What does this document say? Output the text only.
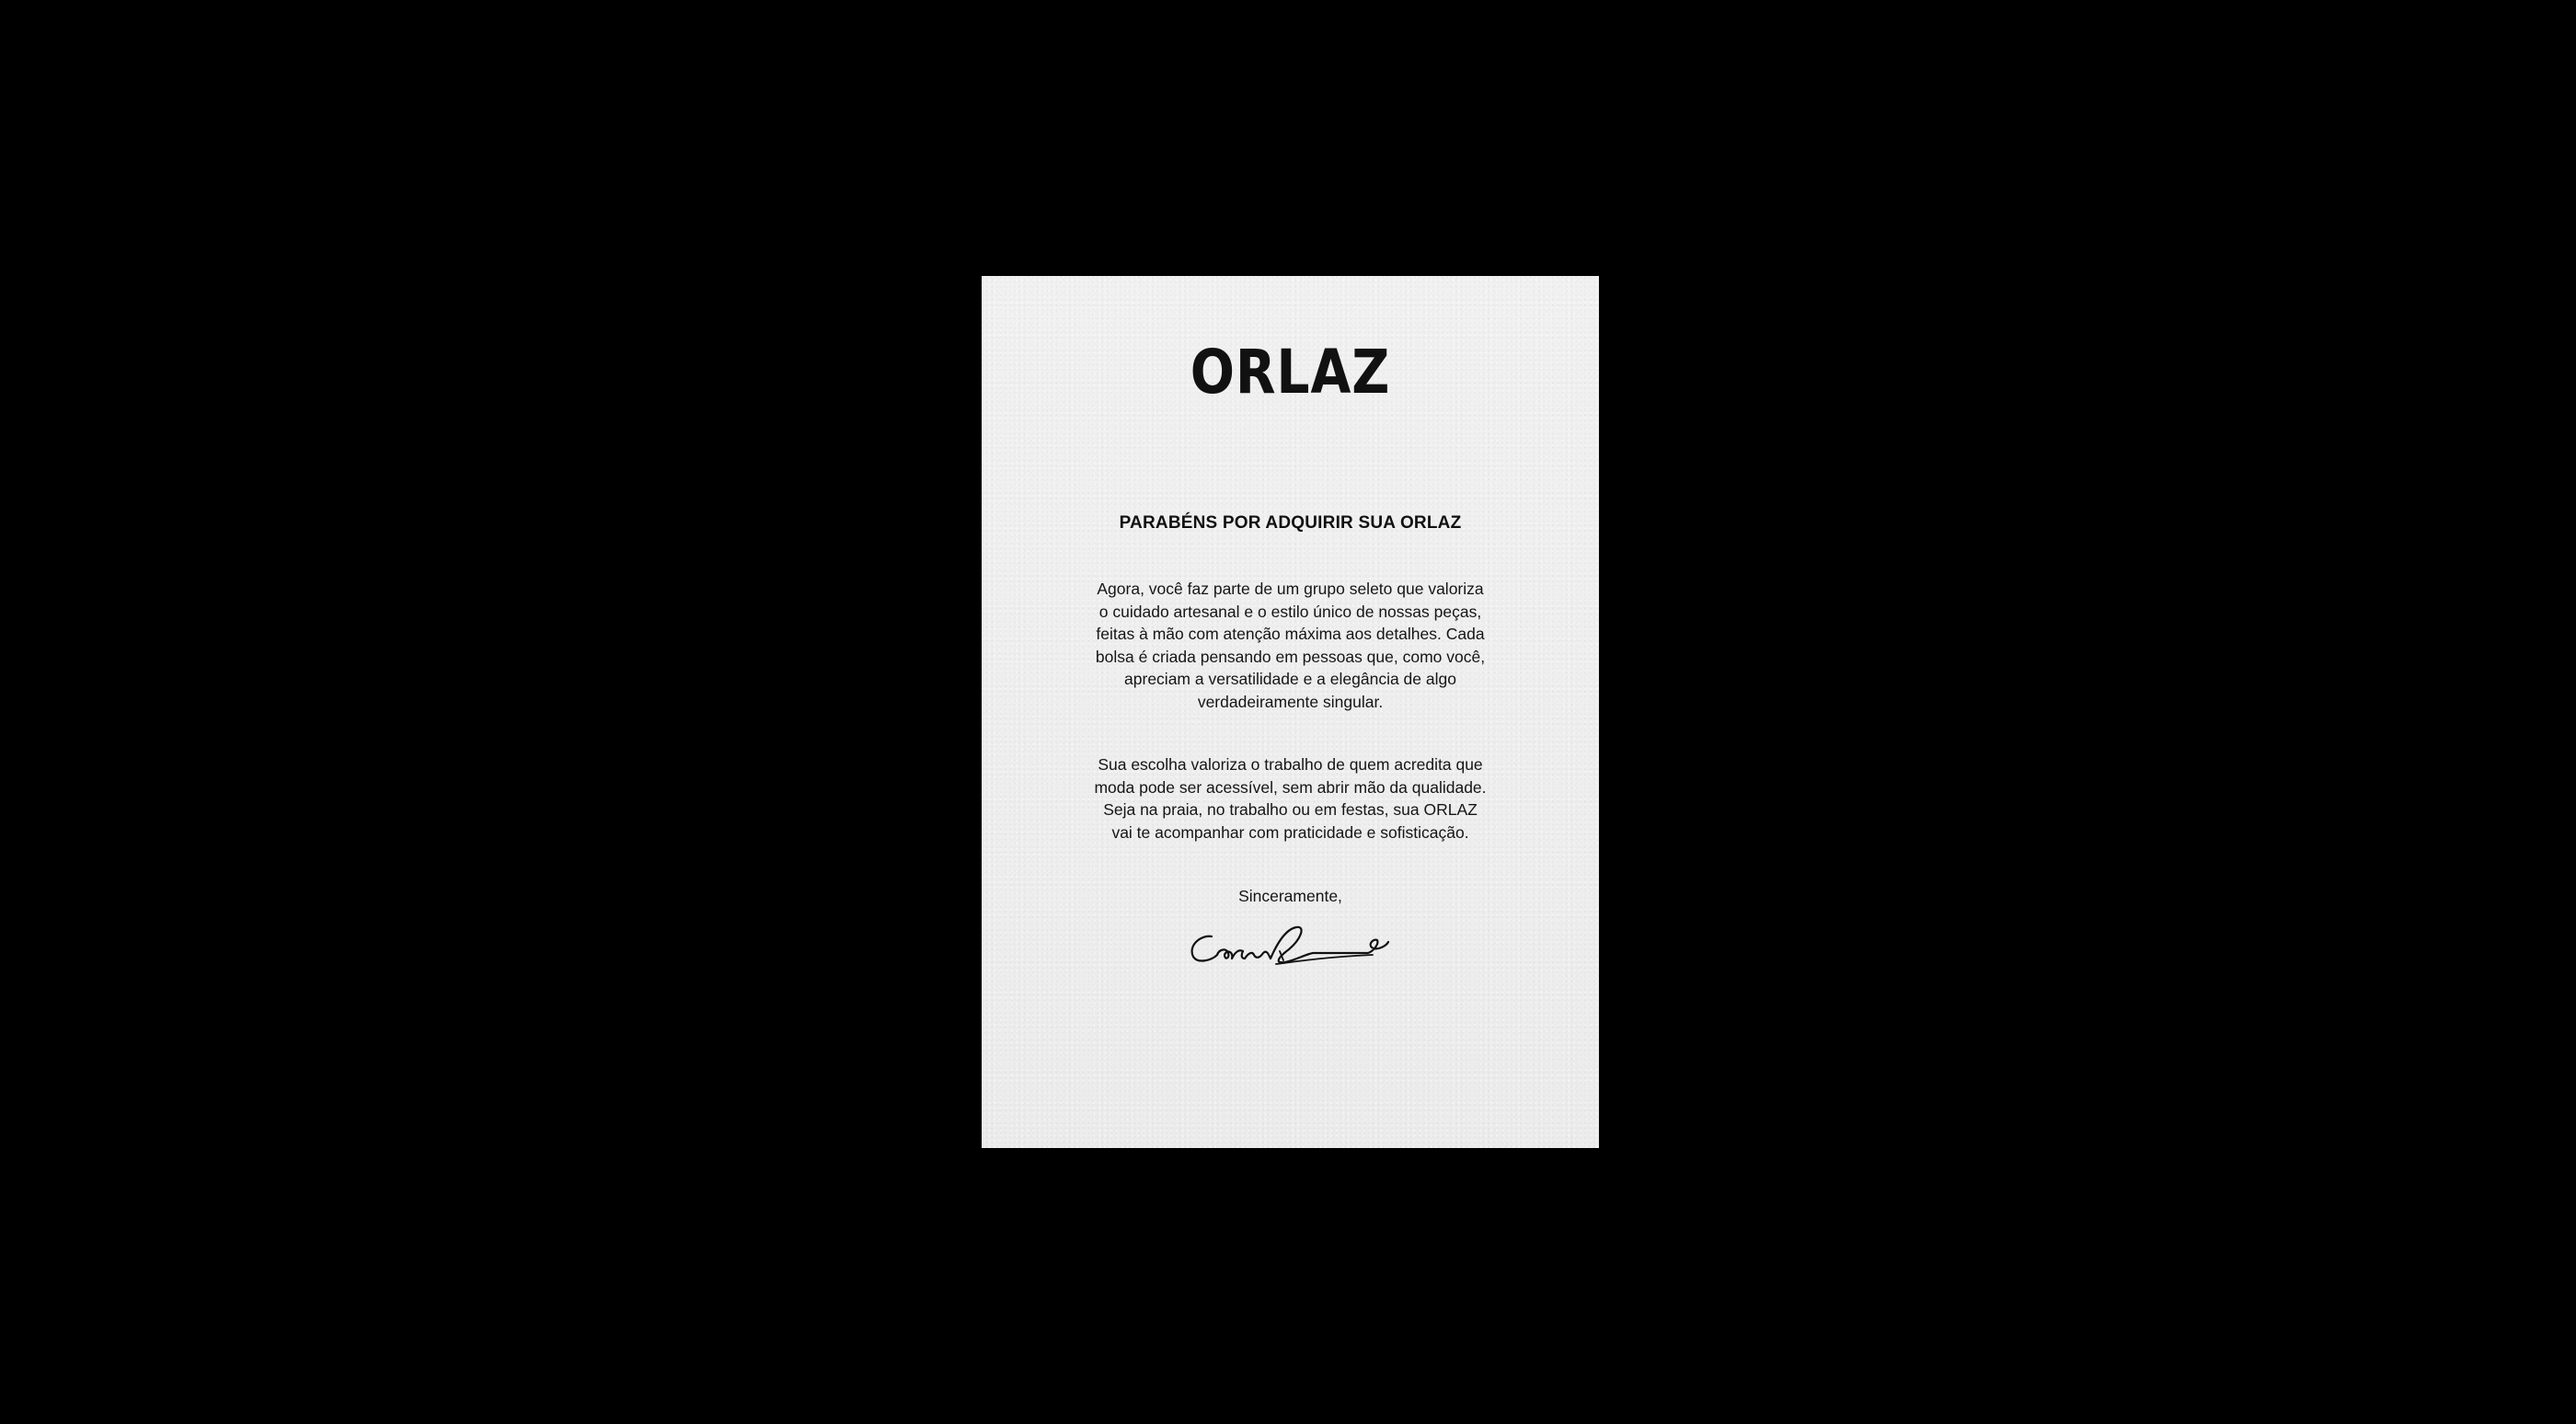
ORLAZ
PARABÉNS POR ADQUIRIR SUA ORLAZ
Agora, você faz parte de um grupo seleto que valoriza
o cuidado artesanal e o estilo único de nossas peças,
feitas à mão com atenção máxima aos detalhes. Cada
bolsa é criada pensando em pessoas que, como você,
apreciam a versatilidade e a elegância de algo
verdadeiramente singular.
Sua escolha valoriza o trabalho de quem acredita que
moda pode ser acessível, sem abrir mão da qualidade.
Seja na praia, no trabalho ou em festas, sua ORLAZ
vai te acompanhar com praticidade e sofisticação.
Sinceramente,
